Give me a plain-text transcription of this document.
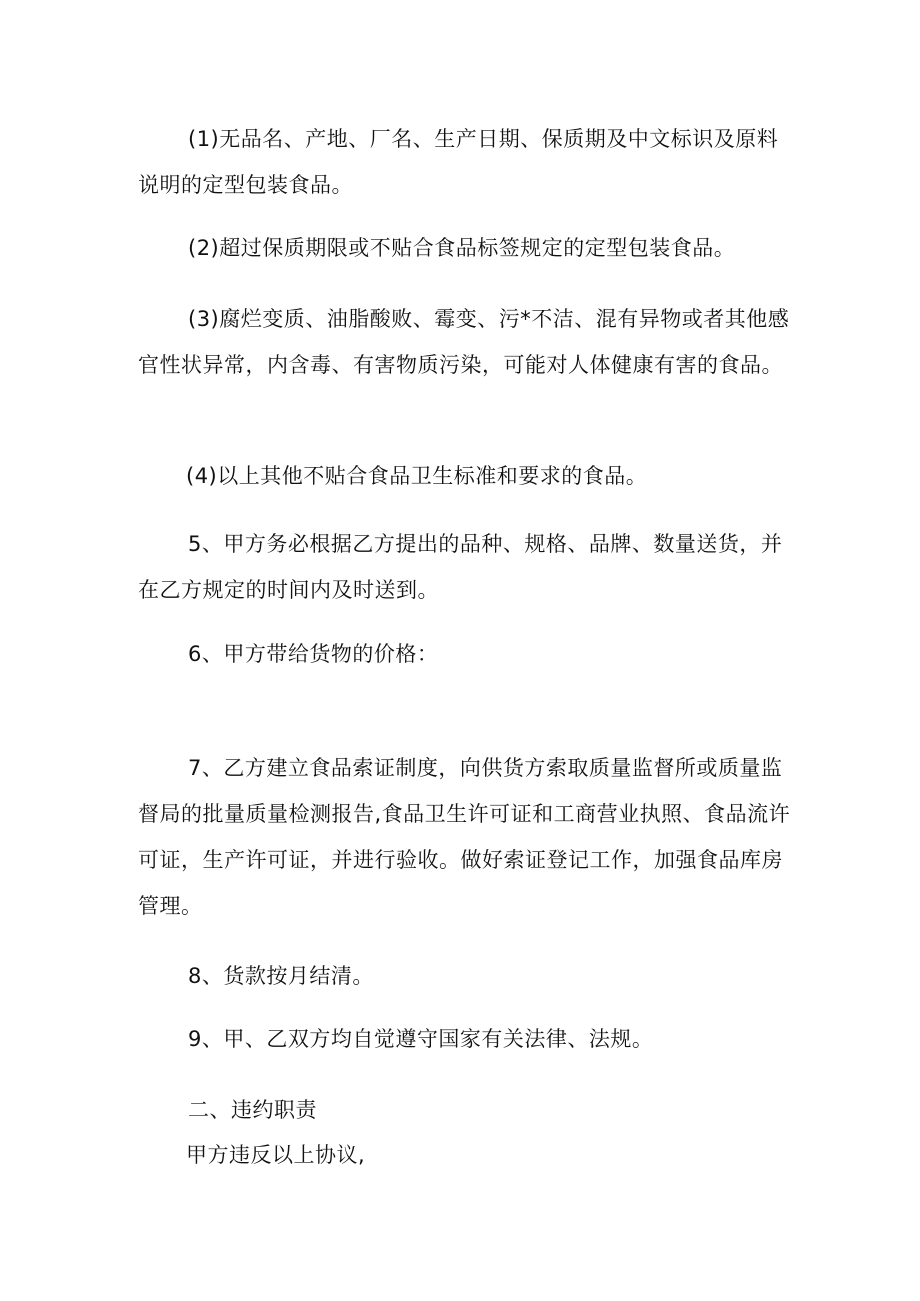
(1)无品名、产地、厂名、生产日期、保质期及中文标识及原料说明的定型包装食品。
(2)超过保质期限或不贴合食品标签规定的定型包装食品。
(3)腐烂变质、油脂酸败、霉变、污*不洁、混有异物或者其他感官性状异常，内含毒、有害物质污染，可能对人体健康有害的食品。
(4)以上其他不贴合食品卫生标准和要求的食品。
5、甲方务必根据乙方提出的品种、规格、品牌、数量送货，并在乙方规定的时间内及时送到。
6、甲方带给货物的价格：
7、乙方建立食品索证制度，向供货方索取质量监督所或质量监督局的批量质量检测报告,食品卫生许可证和工商营业执照、食品流许可证，生产许可证，并进行验收。做好索证登记工作，加强食品库房管理。
8、货款按月结清。
9、甲、乙双方均自觉遵守国家有关法律、法规。
二、违约职责
甲方违反以上协议,
